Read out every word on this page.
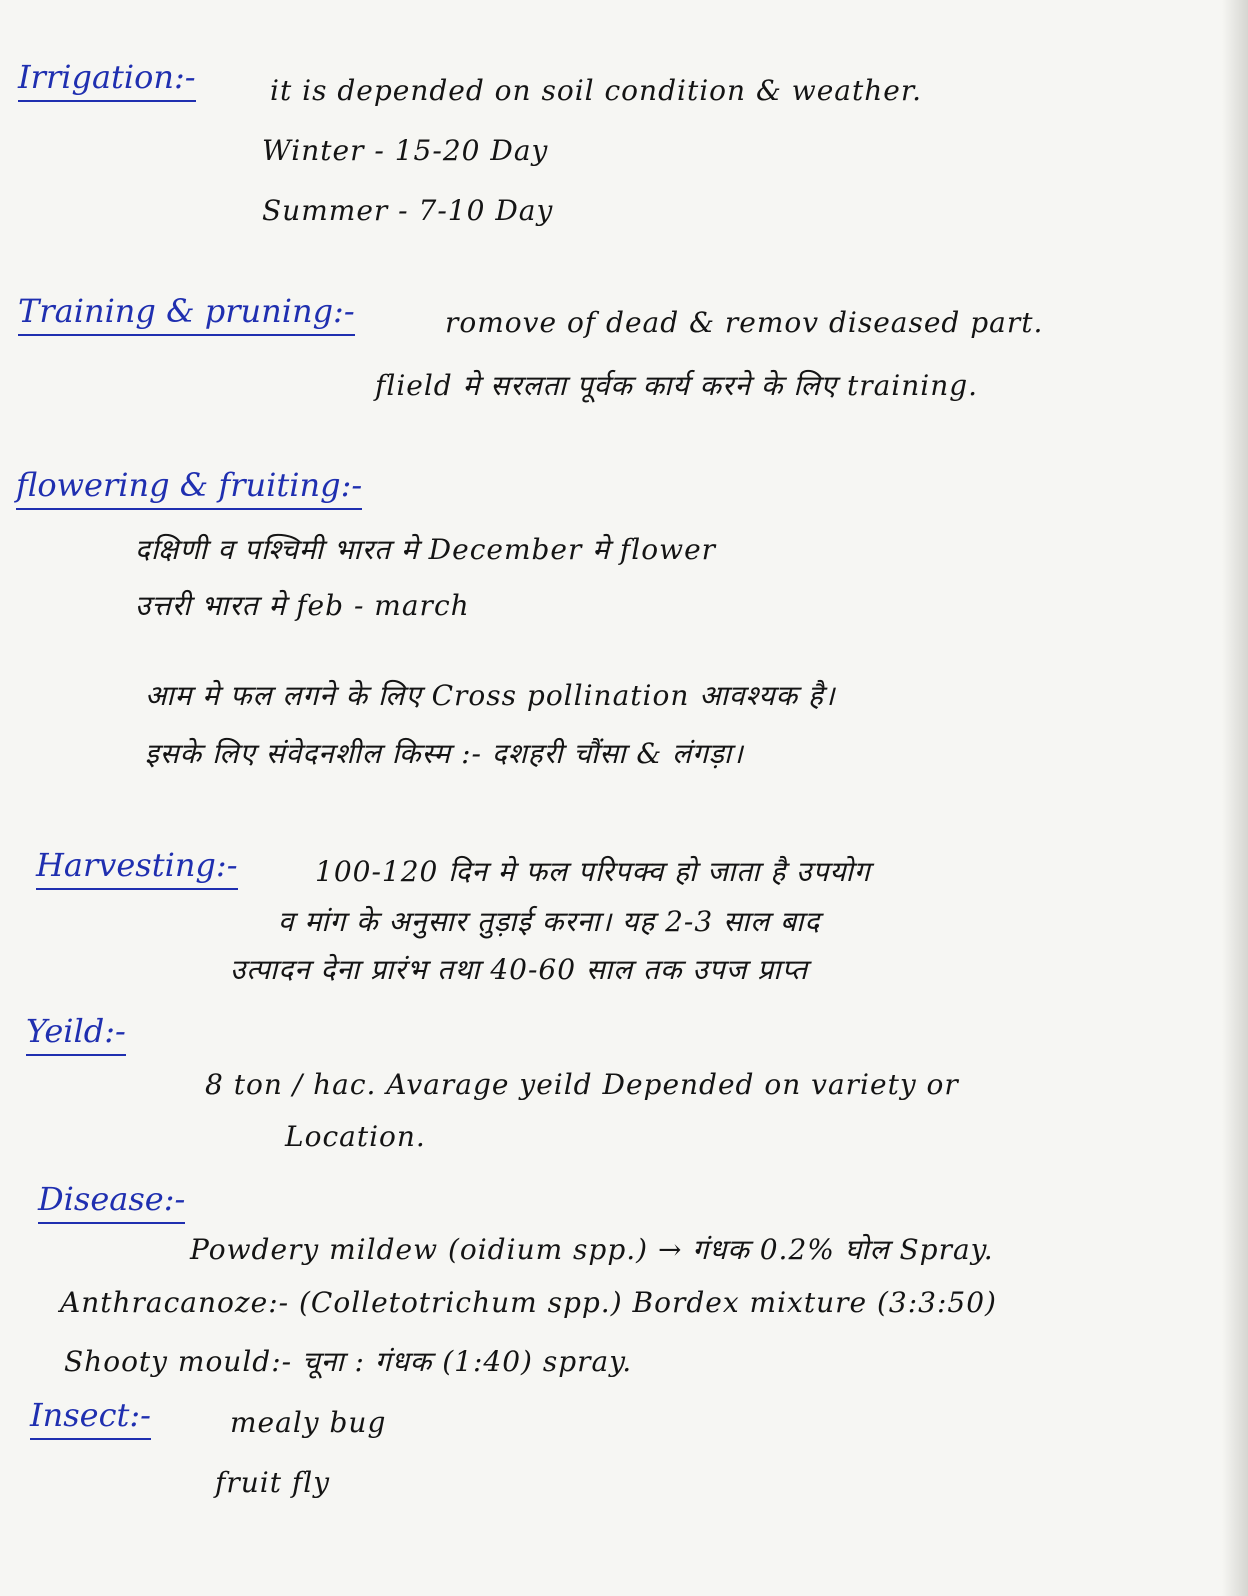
Irrigation:-	it is depended on soil condition & weather.
Winter - 15-20 Day
Summer - 7-10 Day
Training & pruning:-	romove of dead & remov diseased part.
flield मे सरलता पूर्वक कार्य करने के लिए training.
flowering & fruiting:-
दक्षिणी व पश्चिमी भारत मे December मे flower
उत्तरी भारत मे feb - march
आम मे फल लगने के लिए Cross pollination आवश्यक है।
इसके लिए संवेदनशील किस्म :- दशहरी चौंसा & लंगड़ा।
Harvesting:-	100-120 दिन मे फल परिपक्व हो जाता है उपयोग
व मांग के अनुसार तुड़ाई करना। यह 2-3 साल बाद
उत्पादन देना प्रारंभ तथा 40-60 साल तक उपज प्राप्त
Yeild:-
8 ton / hac. Avarage yeild Depended on variety or
Location.
Disease:-
Powdery mildew (oidium spp.) → गंधक 0.2% घोल Spray.
Anthracanoze:- (Colletotrichum spp.) Bordex mixture (3:3:50)
Shooty mould:- चूना : गंधक (1:40) spray.
Insect:-	mealy bug
fruit fly
